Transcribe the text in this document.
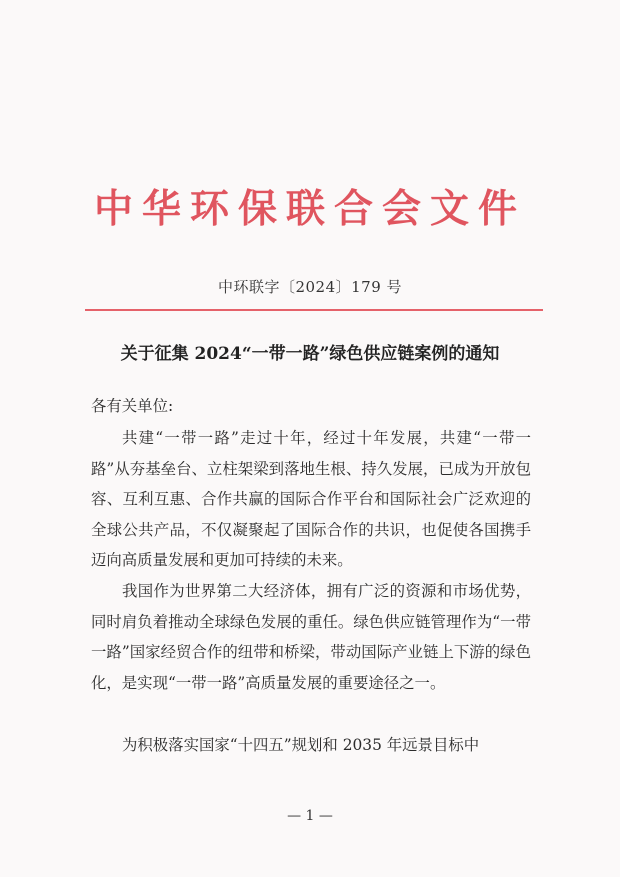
中华环保联合会文件
中环联字〔2024〕179 号
关于征集 2024“一带一路”绿色供应链案例的通知
各有关单位:

共建“一带一路”走过十年，经过十年发展，共建“一带一路”从夯基垒台、立柱架梁到落地生根、持久发展，已成为开放包容、互利互惠、合作共赢的国际合作平台和国际社会广泛欢迎的全球公共产品，不仅凝聚起了国际合作的共识，也促使各国携手迈向高质量发展和更加可持续的未来。

我国作为世界第二大经济体，拥有广泛的资源和市场优势，同时肩负着推动全球绿色发展的重任。绿色供应链管理作为“一带一路”国家经贸合作的纽带和桥梁，带动国际产业链上下游的绿色化，是实现“一带一路”高质量发展的重要途径之一。

为积极落实国家“十四五”规划和 2035 年远景目标中

— 1 —
